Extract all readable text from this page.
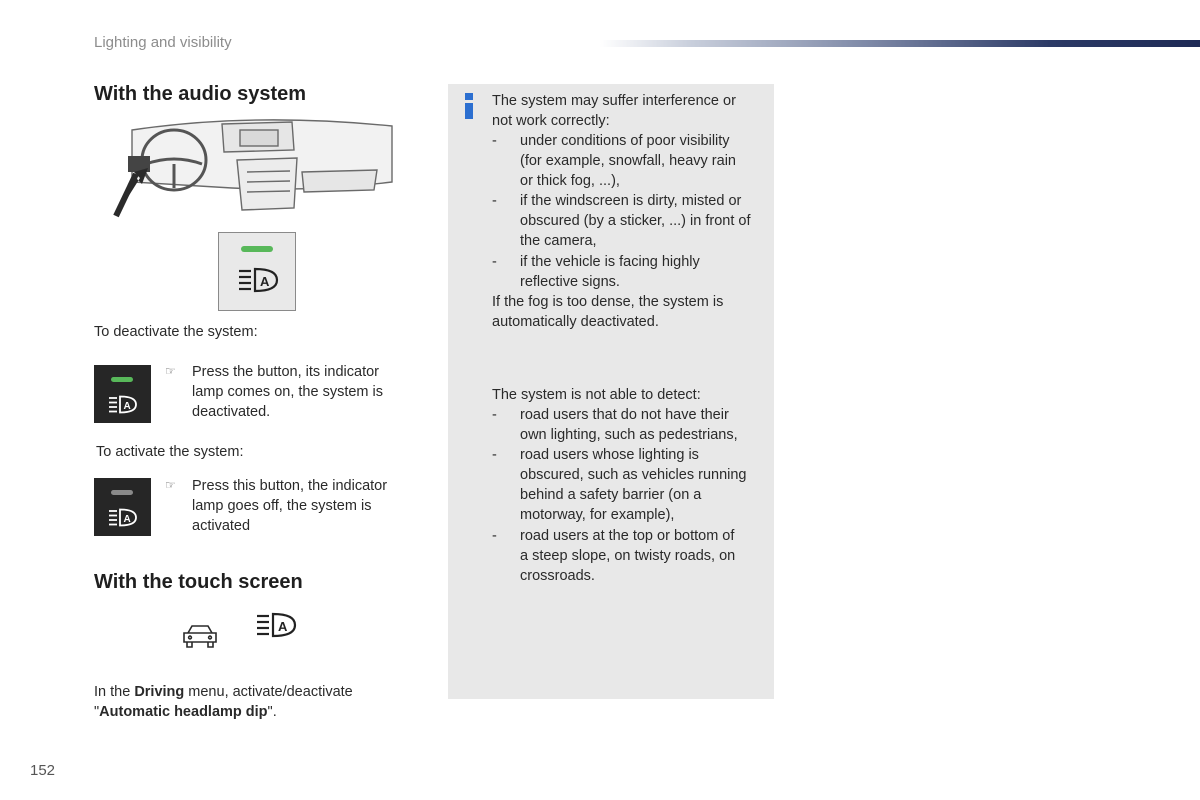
Lighting and visibility
With the audio system
A
To deactivate the system:
A
☞ Press the button, its indicator
lamp comes on, the system is
deactivated.
To activate the system:
A
☞ Press this button, the indicator
lamp goes off, the system is
activated
With the touch screen
A
In the Driving menu, activate/deactivate
"Automatic headlamp dip".
The system may suffer interference or
not work correctly:
- under conditions of poor visibility
(for example, snowfall, heavy rain
or thick fog, ...),
- if the windscreen is dirty, misted or
obscured (by a sticker, ...) in front of
the camera,
- if the vehicle is facing highly
reflective signs.
If the fog is too dense, the system is
automatically deactivated.
The system is not able to detect:
- road users that do not have their
own lighting, such as pedestrians,
- road users whose lighting is
obscured, such as vehicles running
behind a safety barrier (on a
motorway, for example),
- road users at the top or bottom of
a steep slope, on twisty roads, on
crossroads.
152
